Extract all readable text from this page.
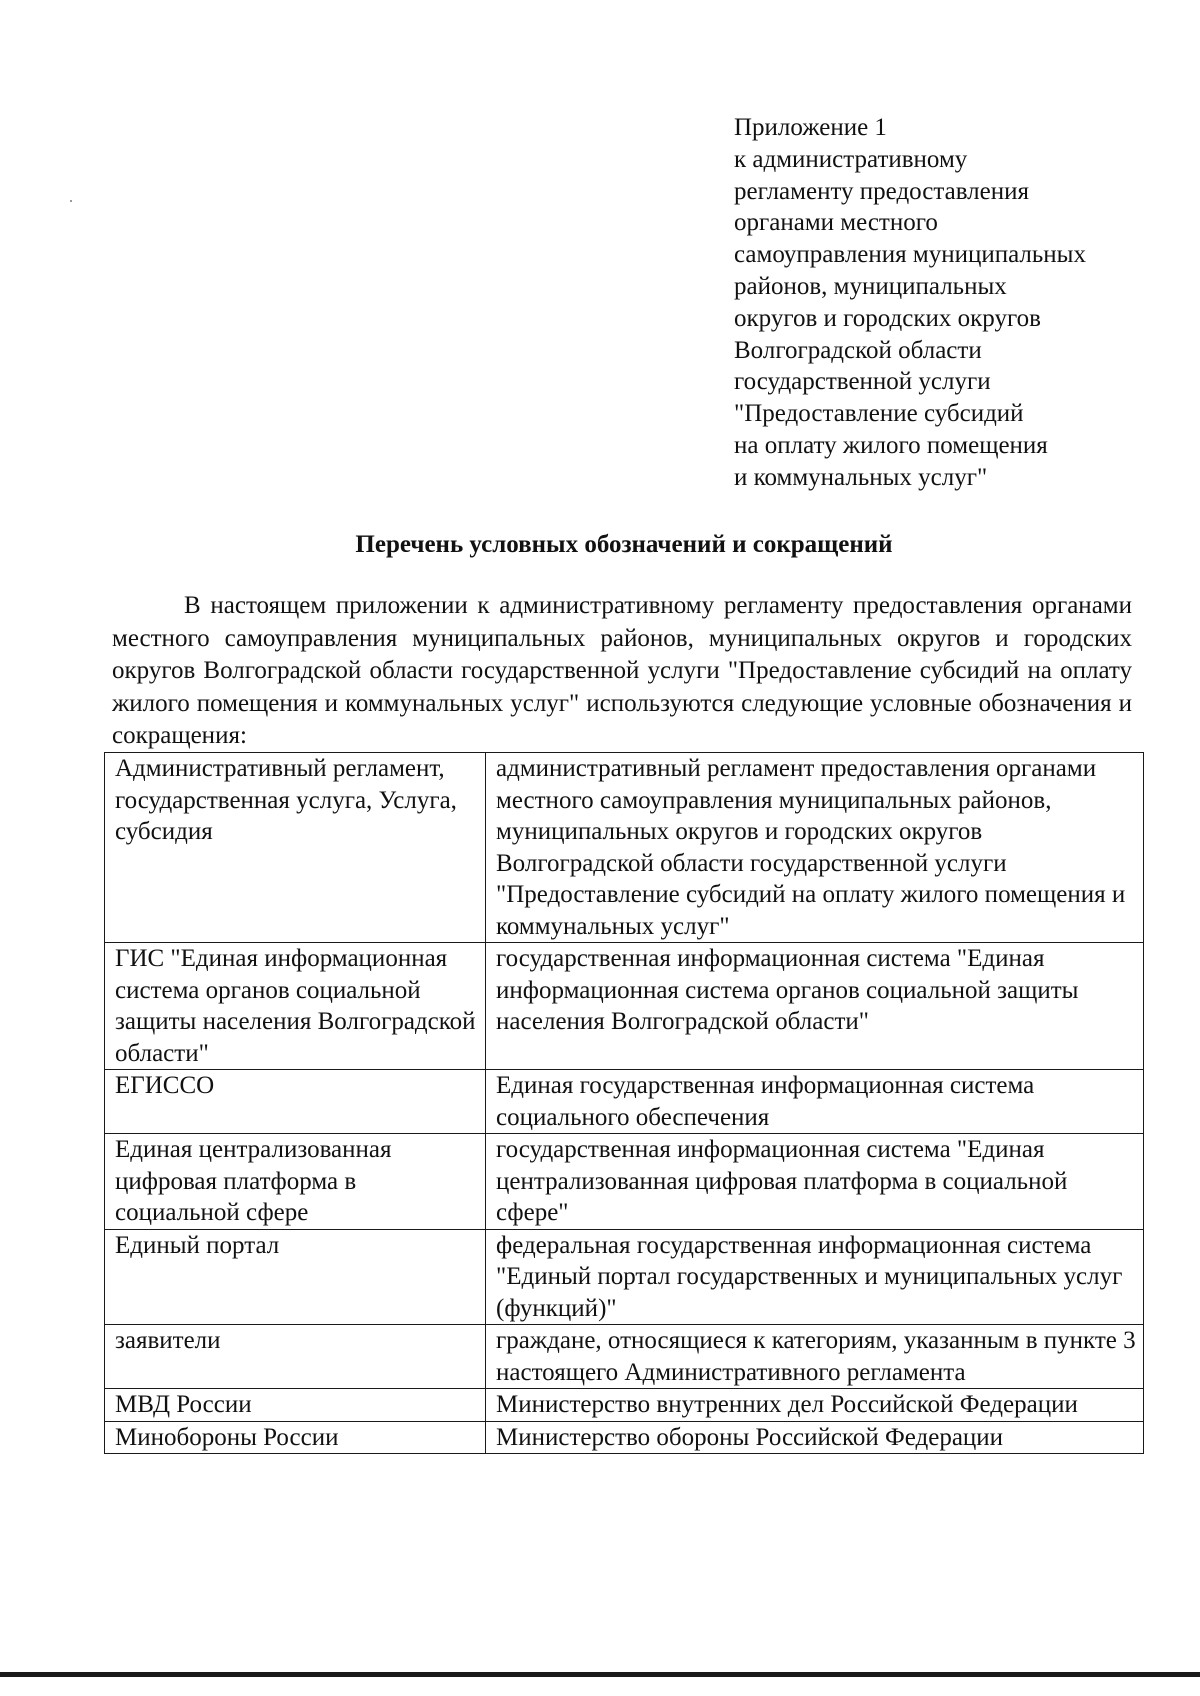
Приложение 1
к административному
регламенту предоставления
органами местного
самоуправления муниципальных
районов, муниципальных
округов и городских округов
Волгоградской области
государственной услуги
"Предоставление субсидий
на оплату жилого помещения
и коммунальных услуг"
Перечень условных обозначений и сокращений
В настоящем приложении к административному регламенту предоставления органами местного самоуправления муниципальных районов, муниципальных округов и городских округов Волгоградской области государственной услуги "Предоставление субсидий на оплату жилого помещения и коммунальных услуг" используются следующие условные обозначения и сокращения:
Административный регламент, государственная услуга, Услуга, субсидия	административный регламент предоставления органами местного самоуправления муниципальных районов, муниципальных округов и городских округов Волгоградской области государственной услуги "Предоставление субсидий на оплату жилого помещения и коммунальных услуг"
ГИС "Единая информационная система органов социальной защиты населения Волгоградской области"	государственная информационная система "Единая информационная система органов социальной защиты населения Волгоградской области"
ЕГИССО	Единая государственная информационная система социального обеспечения
Единая централизованная цифровая платформа в социальной сфере	государственная информационная система "Единая централизованная цифровая платформа в социальной сфере"
Единый портал	федеральная государственная информационная система "Единый портал государственных и муниципальных услуг (функций)"
заявители	граждане, относящиеся к категориям, указанным в пункте 3 настоящего Административного регламента
МВД России	Министерство внутренних дел Российской Федерации
Минобороны России	Министерство обороны Российской Федерации
